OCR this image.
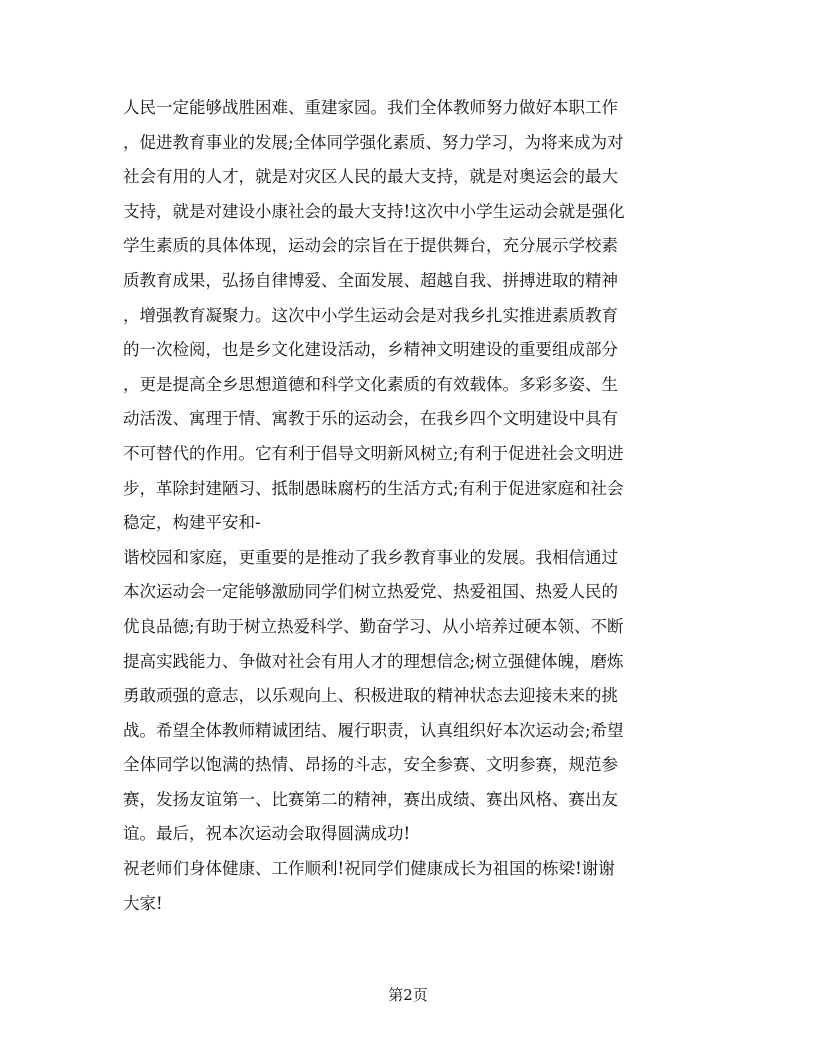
人民一定能够战胜困难、重建家园。我们全体教师努力做好本职工作
，促进教育事业的发展;全体同学强化素质、努力学习，为将来成为对
社会有用的人才，就是对灾区人民的最大支持，就是对奥运会的最大
支持，就是对建设小康社会的最大支持!这次中小学生运动会就是强化
学生素质的具体体现，运动会的宗旨在于提供舞台，充分展示学校素
质教育成果，弘扬自律博爱、全面发展、超越自我、拼搏进取的精神
，增强教育凝聚力。这次中小学生运动会是对我乡扎实推进素质教育
的一次检阅，也是乡文化建设活动，乡精神文明建设的重要组成部分
，更是提高全乡思想道德和科学文化素质的有效载体。多彩多姿、生
动活泼、寓理于情、寓教于乐的运动会，在我乡四个文明建设中具有
不可替代的作用。它有利于倡导文明新风树立;有利于促进社会文明进
步，革除封建陋习、抵制愚昧腐朽的生活方式;有利于促进家庭和社会
稳定，构建平安和-
谐校园和家庭，更重要的是推动了我乡教育事业的发展。我相信通过
本次运动会一定能够激励同学们树立热爱党、热爱祖国、热爱人民的
优良品德;有助于树立热爱科学、勤奋学习、从小培养过硬本领、不断
提高实践能力、争做对社会有用人才的理想信念;树立强健体魄，磨炼
勇敢顽强的意志，以乐观向上、积极进取的精神状态去迎接未来的挑
战。希望全体教师精诚团结、履行职责，认真组织好本次运动会;希望
全体同学以饱满的热情、昂扬的斗志，安全参赛、文明参赛，规范参
赛，发扬友谊第一、比赛第二的精神，赛出成绩、赛出风格、赛出友
谊。最后，祝本次运动会取得圆满成功!
祝老师们身体健康、工作顺利!祝同学们健康成长为祖国的栋梁!谢谢
大家!
第2页
